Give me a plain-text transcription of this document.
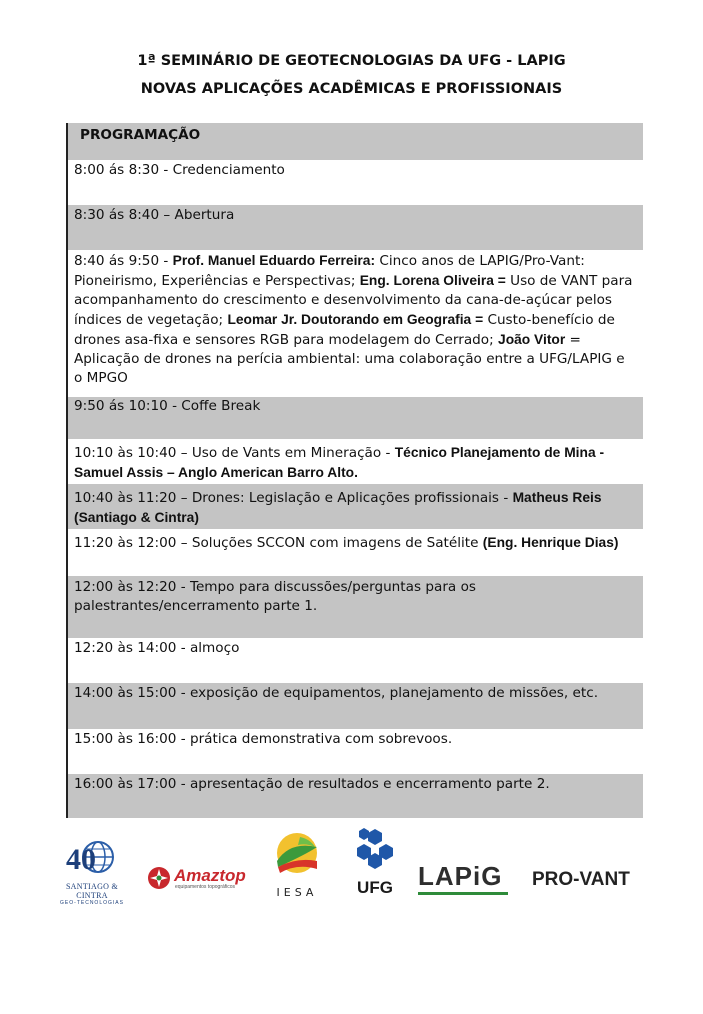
1ª SEMINÁRIO DE GEOTECNOLOGIAS DA UFG - LAPIG
NOVAS APLICAÇÕES ACADÊMICAS E PROFISSIONAIS
PROGRAMAÇÃO
8:00 ás 8:30 - Credenciamento
8:30 ás 8:40 – Abertura
8:40 ás 9:50 - Prof. Manuel Eduardo Ferreira: Cinco anos de LAPIG/Pro-Vant: Pioneirismo, Experiências e Perspectivas; Eng. Lorena Oliveira = Uso de VANT para acompanhamento do crescimento e desenvolvimento da cana-de-açúcar pelos índices de vegetação; Leomar Jr. Doutorando em Geografia = Custo-benefício de drones asa-fixa e sensores RGB para modelagem do Cerrado; João Vitor = Aplicação de drones na perícia ambiental: uma colaboração entre a UFG/LAPIG e o MPGO
9:50 ás 10:10 - Coffe Break
10:10 às 10:40 – Uso de Vants em Mineração - Técnico Planejamento de Mina - Samuel Assis – Anglo American Barro Alto.
10:40 às 11:20 – Drones: Legislação e Aplicações profissionais - Matheus Reis (Santiago & Cintra)
11:20 às 12:00 – Soluções SCCON com imagens de Satélite (Eng. Henrique Dias)
12:00 às 12:20 - Tempo para discussões/perguntas para os palestrantes/encerramento parte 1.
12:20 às 14:00 - almoço
14:00 às 15:00 - exposição de equipamentos, planejamento de missões, etc.
15:00 às 16:00 - prática demonstrativa com sobrevoos.
16:00 às 17:00 - apresentação de resultados e encerramento parte 2.
40
SANTIAGO & CINTRA
GEO-TECNOLOGIAS
Amaztop
equipamentos topográficos	IESA	UFG LAPiG	PRO-VANT
